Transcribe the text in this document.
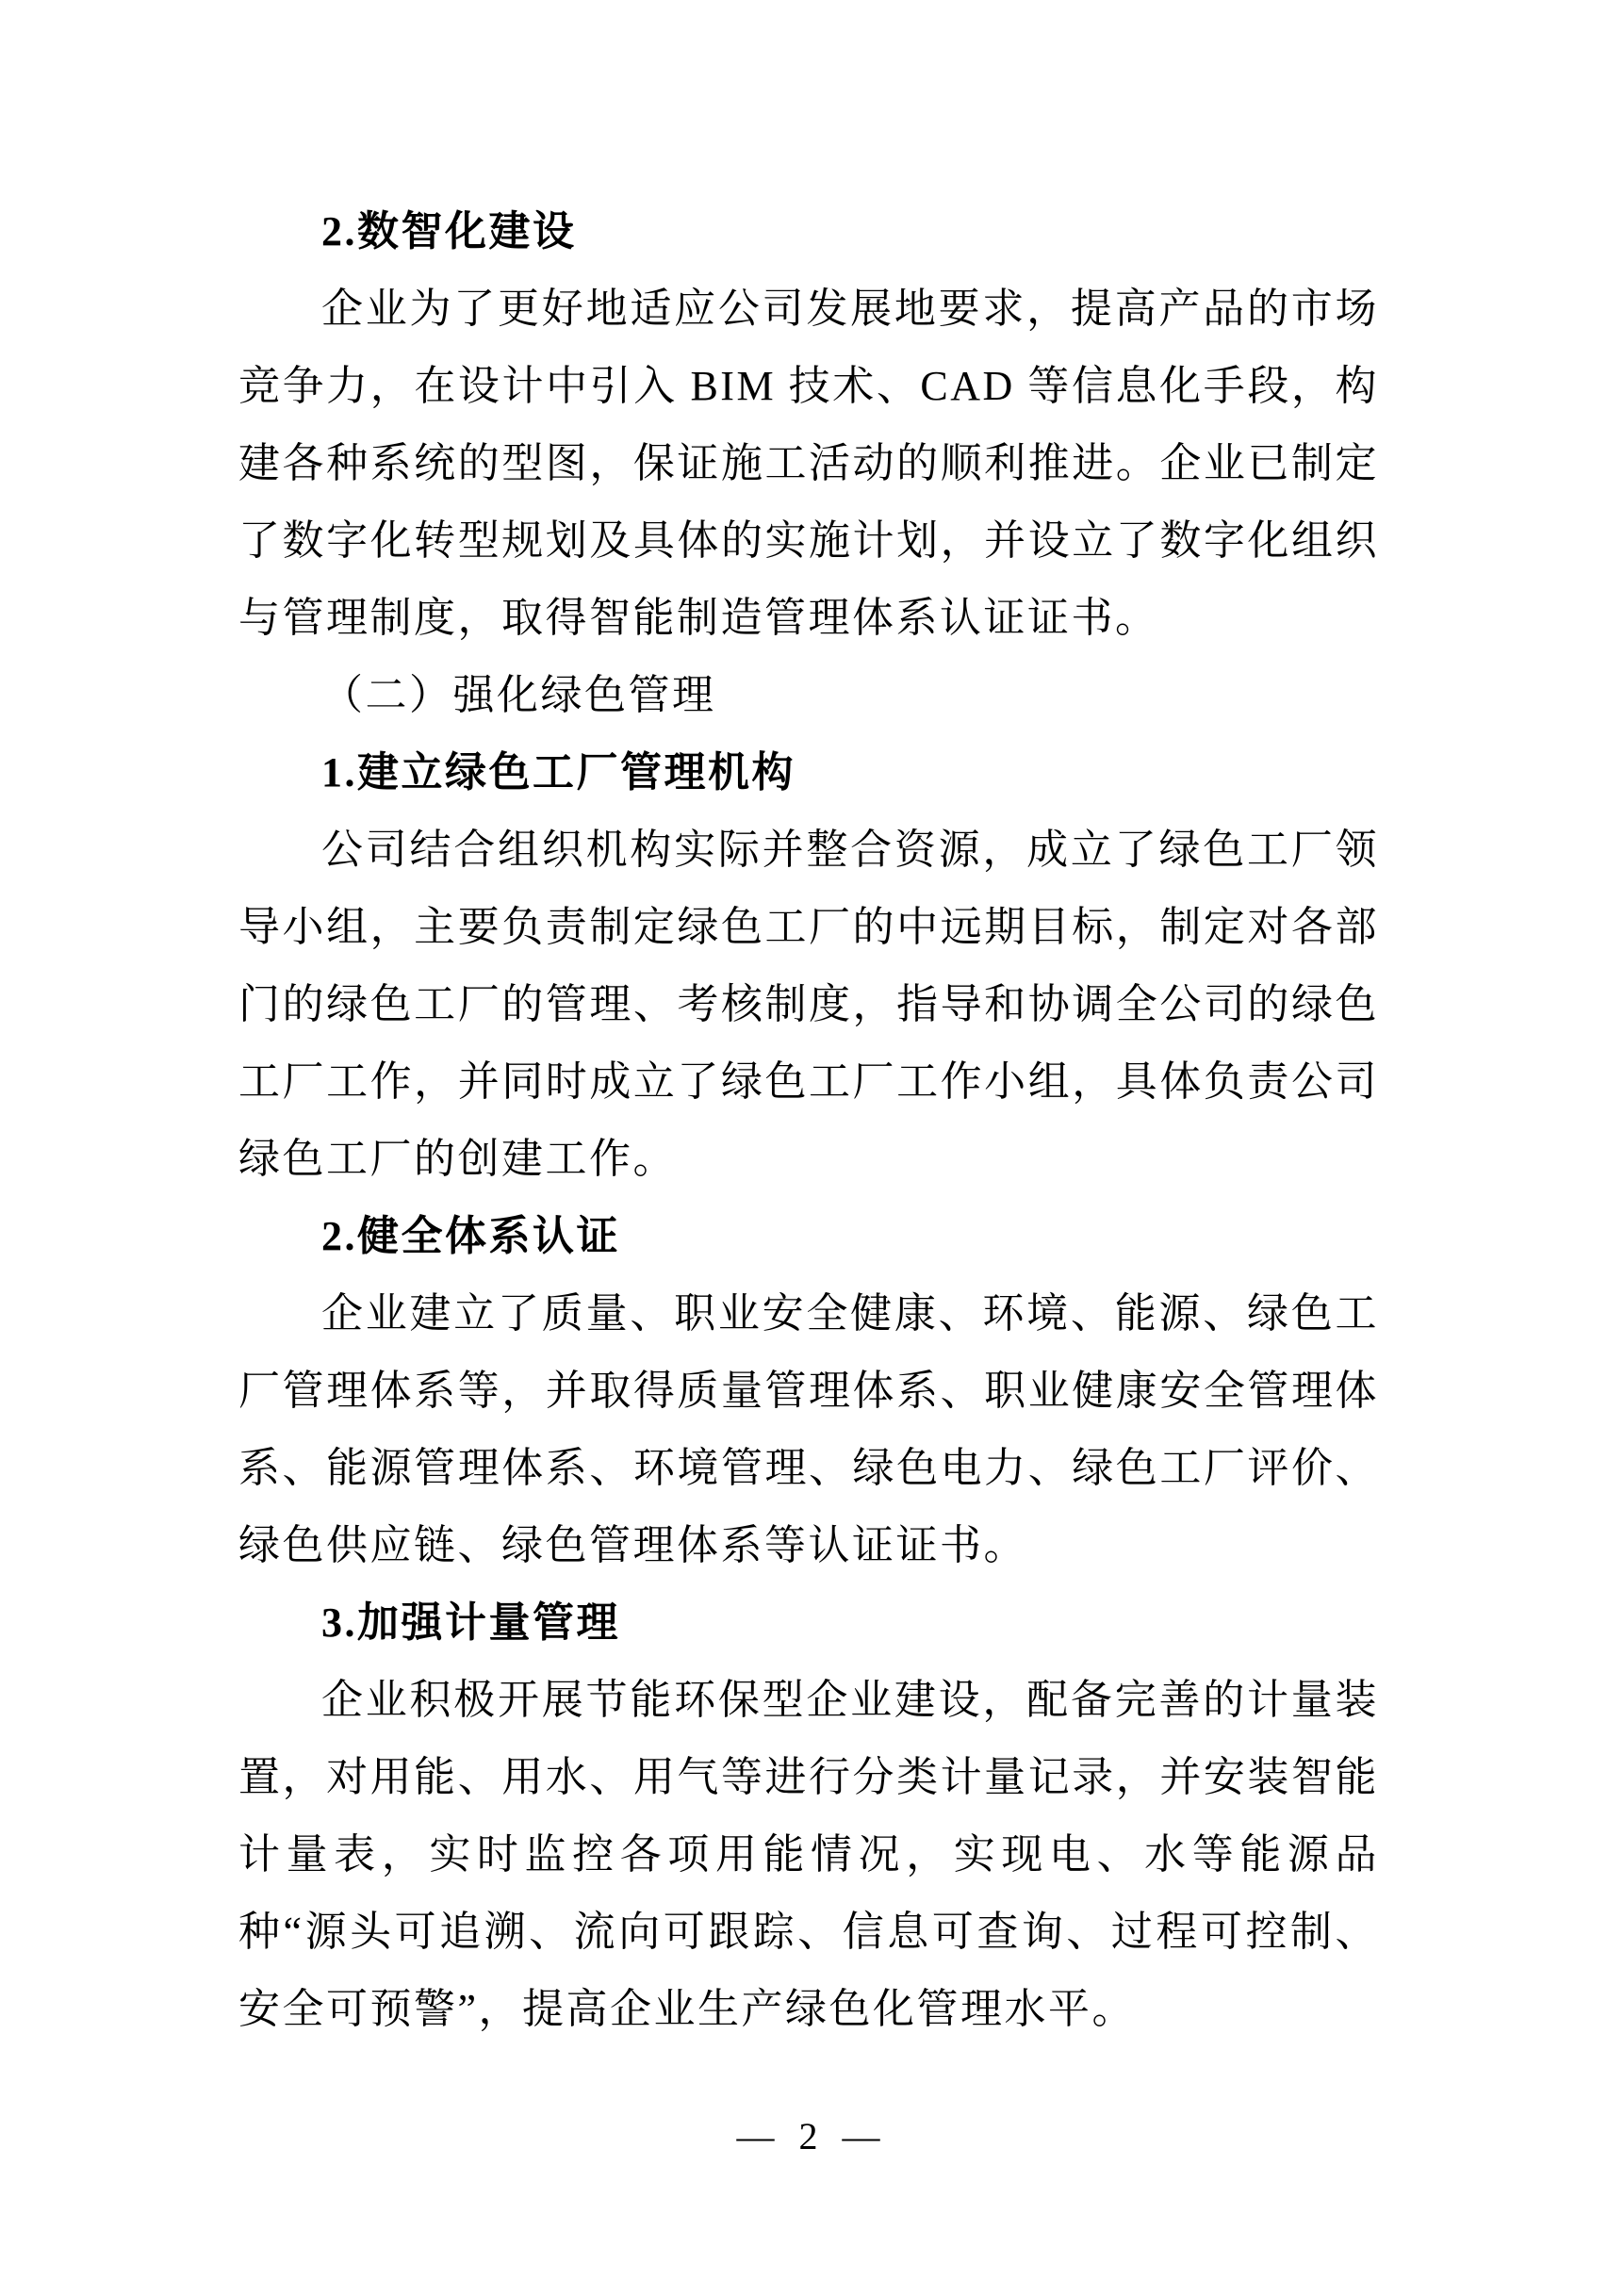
2.数智化建设

企业为了更好地适应公司发展地要求，提高产品的市场竞争力，在设计中引入 BIM 技术、CAD 等信息化手段，构建各种系统的型图，保证施工活动的顺利推进。企业已制定了数字化转型规划及具体的实施计划，并设立了数字化组织与管理制度，取得智能制造管理体系认证证书。

（二）强化绿色管理

1.建立绿色工厂管理机构

公司结合组织机构实际并整合资源，成立了绿色工厂领导小组，主要负责制定绿色工厂的中远期目标，制定对各部门的绿色工厂的管理、考核制度，指导和协调全公司的绿色工厂工作，并同时成立了绿色工厂工作小组，具体负责公司绿色工厂的创建工作。

2.健全体系认证

企业建立了质量、职业安全健康、环境、能源、绿色工厂管理体系等，并取得质量管理体系、职业健康安全管理体系、能源管理体系、环境管理、绿色电力、绿色工厂评价、绿色供应链、绿色管理体系等认证证书。

3.加强计量管理

企业积极开展节能环保型企业建设，配备完善的计量装置，对用能、用水、用气等进行分类计量记录，并安装智能计量表，实时监控各项用能情况，实现电、水等能源品种“源头可追溯、流向可跟踪、信息可查询、过程可控制、安全可预警”，提高企业生产绿色化管理水平。

— 2 —
